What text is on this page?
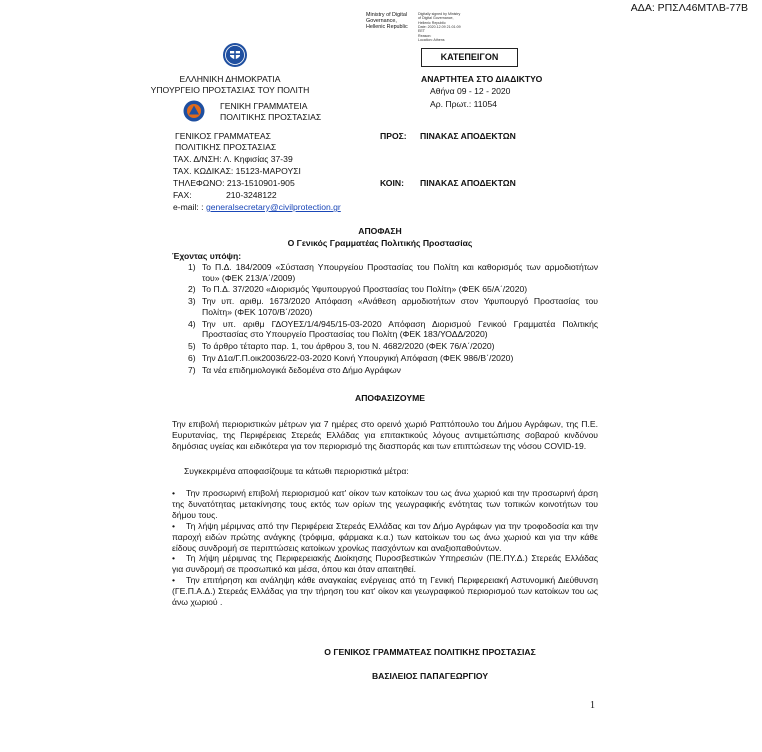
ΑΔΑ: ΡΠΣΛ46ΜΤΛΒ-77Β
Ministry of Digital
Governance,
Hellenic Republic
Digitally signed by Ministry
of Digital Governance,
Hellenic Republic
Date: 2020.12.09 21:01:09
EET
Reason:
Location: Athens
ΕΛΛΗΝΙΚΗ ΔΗΜΟΚΡΑΤΙΑ
ΥΠΟΥΡΓΕΙΟ ΠΡΟΣΤΑΣΙΑΣ ΤΟΥ ΠΟΛΙΤΗ
ΓΕΝΙΚΗ ΓΡΑΜΜΑΤΕΙΑ
ΠΟΛΙΤΙΚΗΣ ΠΡΟΣΤΑΣΙΑΣ
ΚΑΤΕΠΕΙΓΟΝ
ΑΝΑΡΤΗΤΕΑ ΣΤΟ ΔΙΑΔΙΚΤΥΟ
Αθήνα 09 - 12 - 2020
Αρ. Πρωτ.: 11054
ΓΕΝΙΚΟΣ ΓΡΑΜΜΑΤΕΑΣ
ΠΟΛΙΤΙΚΗΣ ΠΡΟΣΤΑΣΙΑΣ
ΤΑΧ. Δ/ΝΣΗ: Λ. Κηφισίας 37-39
ΤΑΧ. ΚΩΔΙΚΑΣ: 15123-ΜΑΡΟΥΣΙ
ΤΗΛΕΦΩΝΟ: 213-1510901-905
FAX:	210-3248122
e-mail: : generalsecretary@civilprotection.gr
ΠΡΟΣ: ΠΙΝΑΚΑΣ ΑΠΟΔΕΚΤΩΝ
ΚΟΙΝ: ΠΙΝΑΚΑΣ ΑΠΟΔΕΚΤΩΝ
ΑΠΟΦΑΣΗ
Ο Γενικός Γραμματέας Πολιτικής Προστασίας
Έχοντας υπόψη:
1) Το Π.Δ. 184/2009 «Σύσταση Υπουργείου Προστασίας του Πολίτη και καθορισμός των αρμοδιοτήτων του» (ΦΕΚ 213/Α΄/2009)
2) Το Π.Δ. 37/2020 «Διορισμός Υφυπουργού Προστασίας του Πολίτη» (ΦΕΚ 65/Α΄/2020)
3) Την υπ. αριθμ. 1673/2020 Απόφαση «Ανάθεση αρμοδιοτήτων στον Υφυπουργό Προστασίας του Πολίτη» (ΦΕΚ 1070/Β΄/2020)
4) Την υπ. αριθμ ΓΔΟΥΕΣ/1/4/945/15-03-2020 Απόφαση Διορισμού Γενικού Γραμματέα Πολιτικής Προστασίας στο Υπουργείο Προστασίας του Πολίτη (ΦΕΚ 183/ΥΟΔΔ/2020)
5) Το άρθρο τέταρτο παρ. 1, του άρθρου 3, του Ν. 4682/2020 (ΦΕΚ 76/Α΄/2020)
6) Την Δ1α/Γ.Π.οικ20036/22-03-2020 Κοινή Υπουργική Απόφαση (ΦΕΚ 986/Β΄/2020)
7) Τα νέα επιδημιολογικά δεδομένα στο Δήμο Αγράφων
ΑΠΟΦΑΣΙΖΟΥΜΕ
Την επιβολή περιοριστικών μέτρων για 7 ημέρες στο ορεινό χωριό Ραπτόπουλο του Δήμου Αγράφων, της Π.Ε. Ευρυτανίας, της Περιφέρειας Στερεάς Ελλάδας για επιτακτικούς λόγους αντιμετώπισης σοβαρού κινδύνου δημόσιας υγείας και ειδικότερα για τον περιορισμό της διασποράς και των επιπτώσεων της νόσου COVID-19.
Συγκεκριμένα αποφασίζουμε τα κάτωθι περιοριστικά μέτρα:
• Την προσωρινή επιβολή περιορισμού κατ' οίκον των κατοίκων του ως άνω χωριού και την προσωρινή άρση της δυνατότητας μετακίνησης τους εκτός των ορίων της γεωγραφικής ενότητας των τοπικών κοινοτήτων του δήμου τους.
• Τη λήψη μέριμνας από την Περιφέρεια Στερεάς Ελλάδας και τον Δήμο Αγράφων για την τροφοδοσία και την παροχή ειδών πρώτης ανάγκης (τρόφιμα, φάρμακα κ.α.) των κατοίκων του ως άνω χωριού και για την κάθε είδους συνδρομή σε περιπτώσεις κατοίκων χρονίως πασχόντων και αναξιοπαθούντων.
• Τη λήψη μέριμνας της Περιφερειακής Διοίκησης Πυροσβεστικών Υπηρεσιών (ΠΕ.ΠΥ.Δ.) Στερεάς Ελλάδας για συνδρομή σε προσωπικό και μέσα, όπου και όταν απαιτηθεί.
• Την επιτήρηση και ανάληψη κάθε αναγκαίας ενέργειας από τη Γενική Περιφερειακή Αστυνομική Διεύθυνση (ΓΕ.Π.Α.Δ.) Στερεάς Ελλάδας για την τήρηση του κατ' οίκον και γεωγραφικού περιορισμού των κατοίκων του ως άνω χωριού .
Ο ΓΕΝΙΚΟΣ ΓΡΑΜΜΑΤΕΑΣ ΠΟΛΙΤΙΚΗΣ ΠΡΟΣΤΑΣΙΑΣ
ΒΑΣΙΛΕΙΟΣ ΠΑΠΑΓΕΩΡΓΙΟΥ
1
